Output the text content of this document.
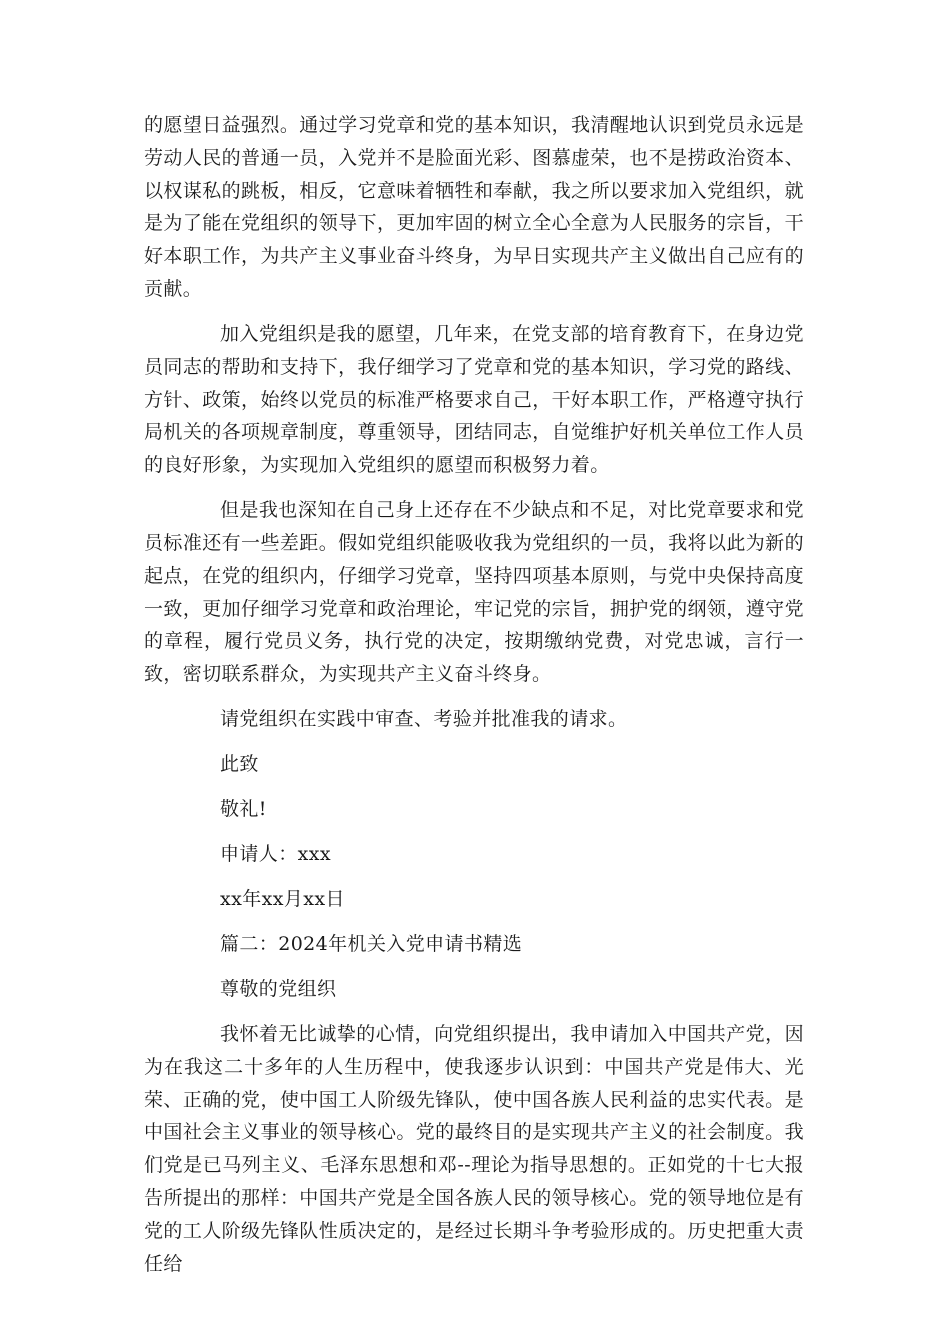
的愿望日益强烈。通过学习党章和党的基本知识，我清醒地认识到党员永远是劳动人民的普通一员，入党并不是脸面光彩、图慕虚荣，也不是捞政治资本、以权谋私的跳板，相反，它意味着牺牲和奉献，我之所以要求加入党组织，就是为了能在党组织的领导下，更加牢固的树立全心全意为人民服务的宗旨，干好本职工作，为共产主义事业奋斗终身，为早日实现共产主义做出自己应有的贡献。

加入党组织是我的愿望，几年来，在党支部的培育教育下，在身边党员同志的帮助和支持下，我仔细学习了党章和党的基本知识，学习党的路线、方针、政策，始终以党员的标准严格要求自己，干好本职工作，严格遵守执行局机关的各项规章制度，尊重领导，团结同志，自觉维护好机关单位工作人员的良好形象，为实现加入党组织的愿望而积极努力着。

但是我也深知在自己身上还存在不少缺点和不足，对比党章要求和党员标准还有一些差距。假如党组织能吸收我为党组织的一员，我将以此为新的起点，在党的组织内，仔细学习党章，坚持四项基本原则，与党中央保持高度一致，更加仔细学习党章和政治理论，牢记党的宗旨，拥护党的纲领，遵守党的章程，履行党员义务，执行党的决定，按期缴纳党费，对党忠诚，言行一致，密切联系群众，为实现共产主义奋斗终身。

请党组织在实践中审查、考验并批准我的请求。

此致

敬礼!

申请人：xxx

xx年xx月xx日

篇二：2024年机关入党申请书精选

尊敬的党组织

我怀着无比诚挚的心情，向党组织提出，我申请加入中国共产党，因为在我这二十多年的人生历程中，使我逐步认识到：中国共产党是伟大、光荣、正确的党，使中国工人阶级先锋队，使中国各族人民利益的忠实代表。是中国社会主义事业的领导核心。党的最终目的是实现共产主义的社会制度。我们党是已马列主义、毛泽东思想和邓--理论为指导思想的。正如党的十七大报告所提出的那样：中国共产党是全国各族人民的领导核心。党的领导地位是有党的工人阶级先锋队性质决定的，是经过长期斗争考验形成的。历史把重大责任给
